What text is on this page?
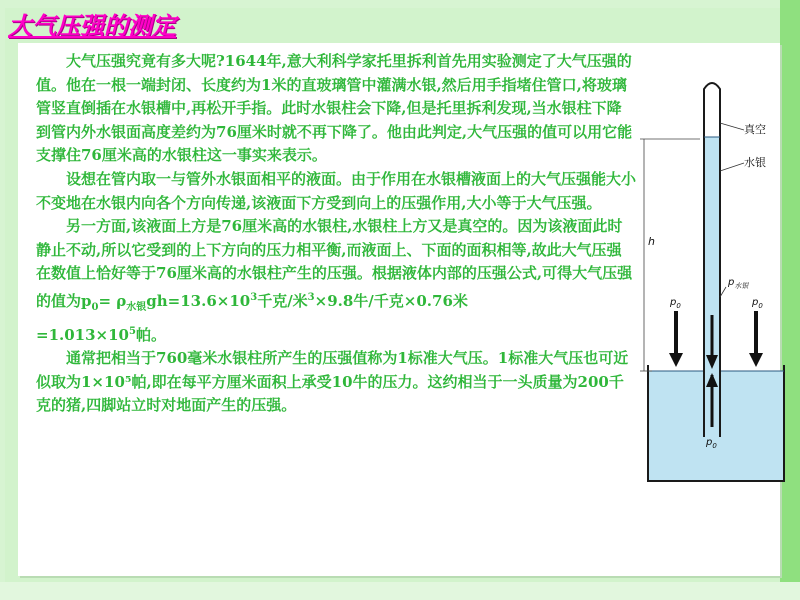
大气压强的测定

大气压强究竟有多大呢?1644年,意大利科学家托里拆利首先用实验测定了大气压强的值。他在一根一端封闭、长度约为1米的直玻璃管中灌满水银,然后用手指堵住管口,将玻璃管竖直倒插在水银槽中,再松开手指。此时水银柱会下降,但是托里拆利发现,当水银柱下降到管内外水银面高度差约为76厘米时就不再下降了。他由此判定,大气压强的值可以用它能支撑住76厘米高的水银柱这一事实来表示。

设想在管内取一与管外水银面相平的液面。由于作用在水银槽液面上的大气压强能大小不变地在水银内向各个方向传递,该液面下方受到向上的压强作用,大小等于大气压强。

另一方面,该液面上方是76厘米高的水银柱,水银柱上方又是真空的。因为该液面此时静止不动,所以它受到的上下方向的压力相平衡,而液面上、下面的面积相等,故此大气压强在数值上恰好等于76厘米高的水银柱产生的压强。根据液体内部的压强公式,可得大气压强的值为$p_0= \rho_{水银}gh=13.6\times 10^3$千克/米$^3$×9.8牛/千克×0.76米

$=1.013\times 10^5$帕。

通常把相当于760毫米水银柱所产生的压强值称为1标准大气压。1标准大气压也可近似取为1×10⁵帕,即在每平方厘米面积上承受10牛的压力。这约相当于一头质量为200千克的猪,四脚站立时对地面产生的压强。

h
真空
水银
$p_{水银}$
$p_0$	$p_0$
$p_0$
